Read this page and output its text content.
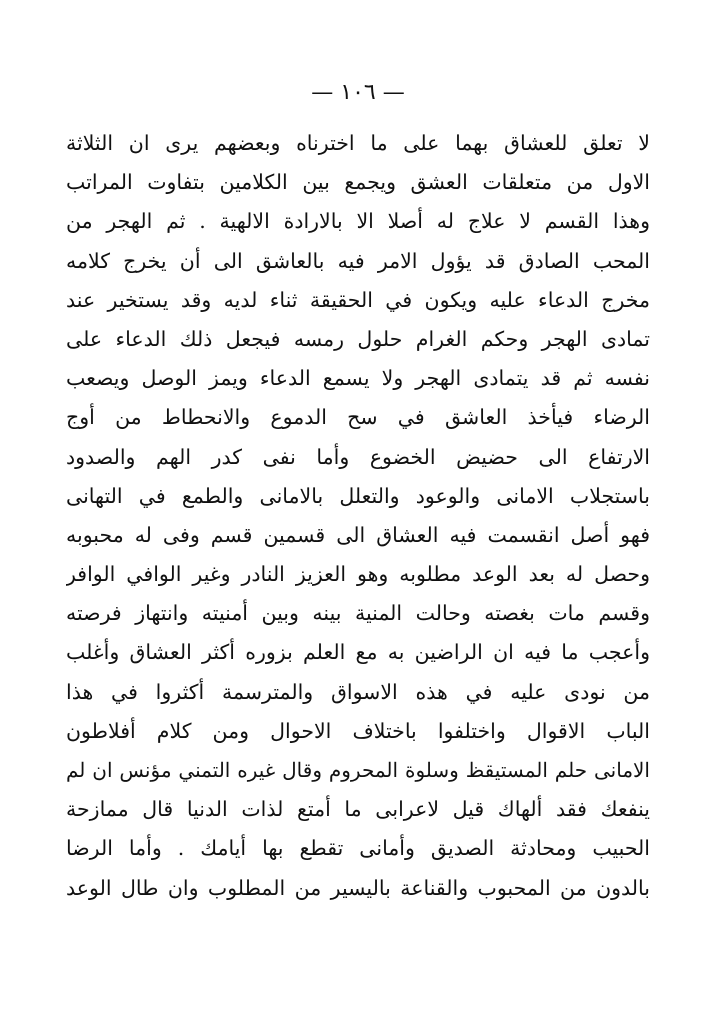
— ١٠٦ —
لا تعلق للعشاق بهما على ما اخترناه وبعضهم يرى ان الثلاثة
الاول من متعلقات العشق ويجمع بين الكلامين بتفاوت المراتب
وهذا القسم لا علاج له أصلا الا بالارادة الالهية . ثم الهجر من
المحب الصادق قد يؤول الامر فيه بالعاشق الى أن يخرج كلامه
مخرج الدعاء عليه ويكون في الحقيقة ثناء لديه وقد يستخير عند
تمادى الهجر وحكم الغرام حلول رمسه فيجعل ذلك الدعاء على
نفسه ثم قد يتمادى الهجر ولا يسمع الدعاء ويمز الوصل ويصعب
الرضاء فيأخذ العاشق في سح الدموع والانحطاط من أوج
الارتفاع الى حضيض الخضوع وأما نفى كدر الهم والصدود
باستجلاب الامانى والوعود والتعلل بالامانى والطمع في التهانى
فهو أصل انقسمت فيه العشاق الى قسمين قسم وفى له محبوبه
وحصل له بعد الوعد مطلوبه وهو العزيز النادر وغير الوافي الوافر
وقسم مات بغصته وحالت المنية بينه وبين أمنيته وانتهاز فرصته
وأعجب ما فيه ان الراضين به مع العلم بزوره أكثر العشاق وأغلب
من نودى عليه في هذه الاسواق والمترسمة أكثروا في هذا
الباب الاقوال واختلفوا باختلاف الاحوال ومن كلام أفلاطون
الامانى حلم المستيقظ وسلوة المحروم وقال غيره التمني مؤنس ان لم
ينفعك فقد ألهاك قيل لاعرابى ما أمتع لذات الدنيا قال ممازحة
الحبيب ومحادثة الصديق وأمانى تقطع بها أيامك . وأما الرضا
بالدون من المحبوب والقناعة باليسير من المطلوب وان طال الوعد
